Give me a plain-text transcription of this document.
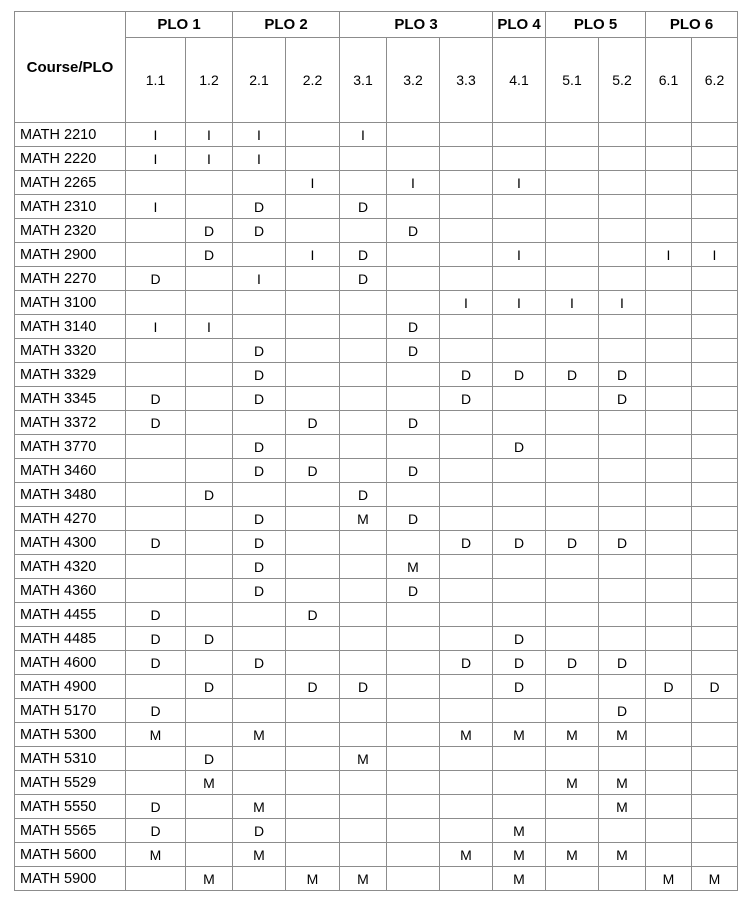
Course/PLO	PLO 1		PLO 2		PLO 3			PLO 4	PLO 5		PLO 6	
	1.1	1.2	2.1	2.2	3.1	3.2	3.3	4.1	5.1	5.2	6.1	6.2
MATH 2210	I	I	I		I							
MATH 2220	I	I	I									
MATH 2265				I		I		I				
MATH 2310	I		D		D							
MATH 2320		D	D			D						
MATH 2900		D		I	D			I			I	I
MATH 2270	D		I		D							
MATH 3100							I	I	I	I		
MATH 3140	I	I				D						
MATH 3320			D			D						
MATH 3329			D				D	D	D	D		
MATH 3345	D		D				D			D		
MATH 3372	D			D		D						
MATH 3770			D					D				
MATH 3460			D	D		D						
MATH 3480		D			D							
MATH 4270			D		M	D						
MATH 4300	D		D				D	D	D	D		
MATH 4320			D			M						
MATH 4360			D			D						
MATH 4455	D			D								
MATH 4485	D	D						D				
MATH 4600	D		D				D	D	D	D		
MATH 4900		D		D	D			D			D	D
MATH 5170	D									D		
MATH 5300	M		M				M	M	M	M		
MATH 5310		D			M							
MATH 5529		M							M	M		
MATH 5550	D		M							M		
MATH 5565	D		D					M				
MATH 5600	M		M				M	M	M	M		
MATH 5900		M		M	M			M			M	M
